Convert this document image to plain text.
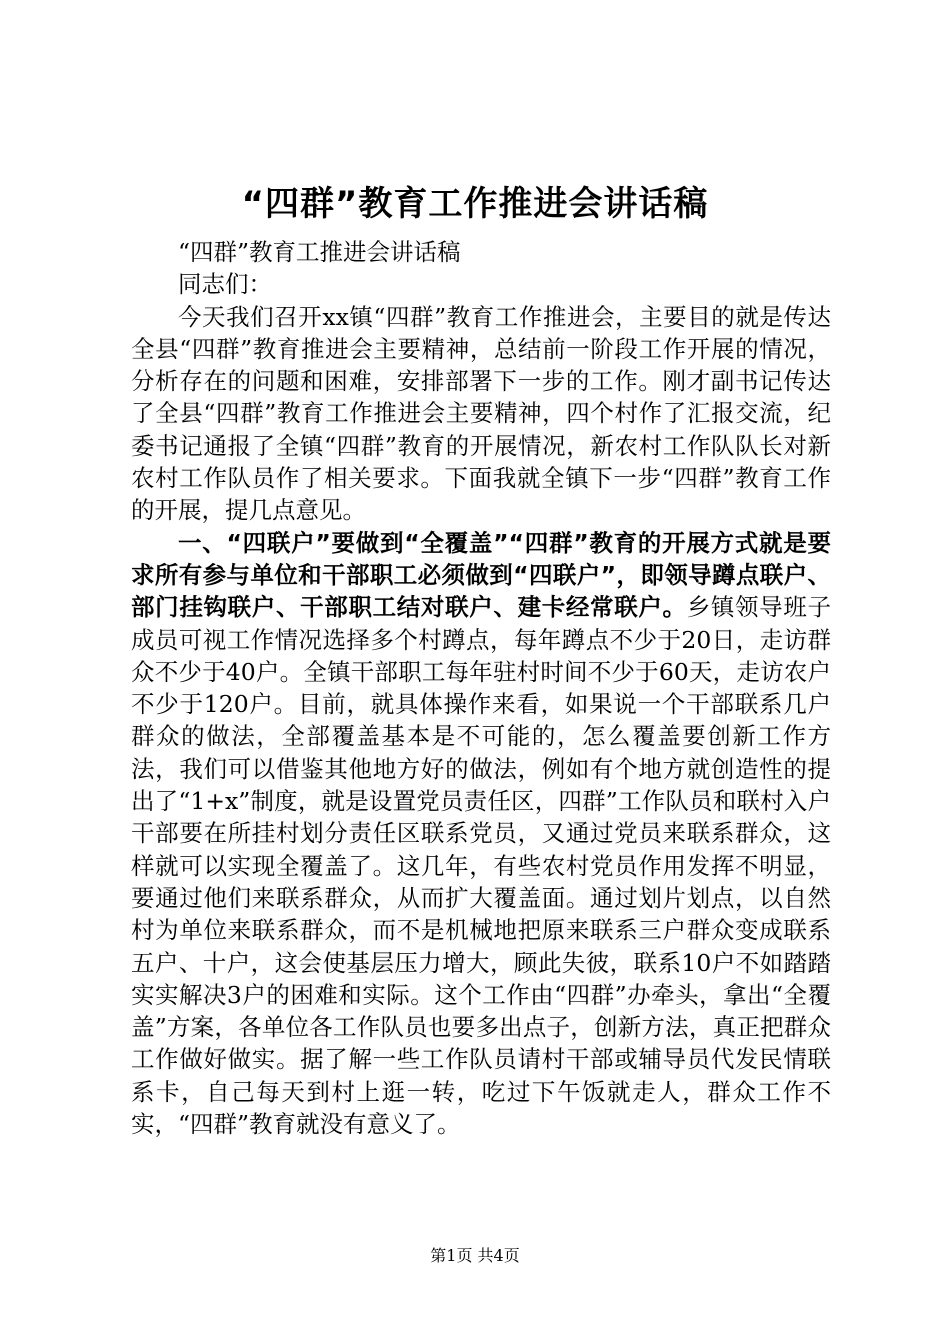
“四群”教育工作推进会讲话稿

“四群”教育工推进会讲话稿

同志们：

今天我们召开xx镇“四群”教育工作推进会，主要目的就是传达全县“四群”教育推进会主要精神，总结前一阶段工作开展的情况，分析存在的问题和困难，安排部署下一步的工作。刚才副书记传达了全县“四群”教育工作推进会主要精神，四个村作了汇报交流，纪委书记通报了全镇“四群”教育的开展情况，新农村工作队队长对新农村工作队员作了相关要求。下面我就全镇下一步“四群”教育工作的开展，提几点意见。

一、“四联户”要做到“全覆盖”“四群”教育的开展方式就是要求所有参与单位和干部职工必须做到“四联户”，即领导蹲点联户、部门挂钩联户、干部职工结对联户、建卡经常联户。乡镇领导班子成员可视工作情况选择多个村蹲点，每年蹲点不少于20日，走访群众不少于40户。全镇干部职工每年驻村时间不少于60天，走访农户不少于120户。目前，就具体操作来看，如果说一个干部联系几户群众的做法，全部覆盖基本是不可能的，怎么覆盖要创新工作方法，我们可以借鉴其他地方好的做法，例如有个地方就创造性的提出了“1+x”制度，就是设置党员责任区，四群”工作队员和联村入户干部要在所挂村划分责任区联系党员，又通过党员来联系群众，这样就可以实现全覆盖了。这几年，有些农村党员作用发挥不明显，要通过他们来联系群众，从而扩大覆盖面。通过划片划点，以自然村为单位来联系群众，而不是机械地把原来联系三户群众变成联系五户、十户，这会使基层压力增大，顾此失彼，联系10户不如踏踏实实解决3户的困难和实际。这个工作由“四群”办牵头，拿出“全覆盖”方案，各单位各工作队员也要多出点子，创新方法，真正把群众工作做好做实。据了解一些工作队员请村干部或辅导员代发民情联系卡，自己每天到村上逛一转，吃过下午饭就走人，群众工作不实，“四群”教育就没有意义了。

第1页 共4页
